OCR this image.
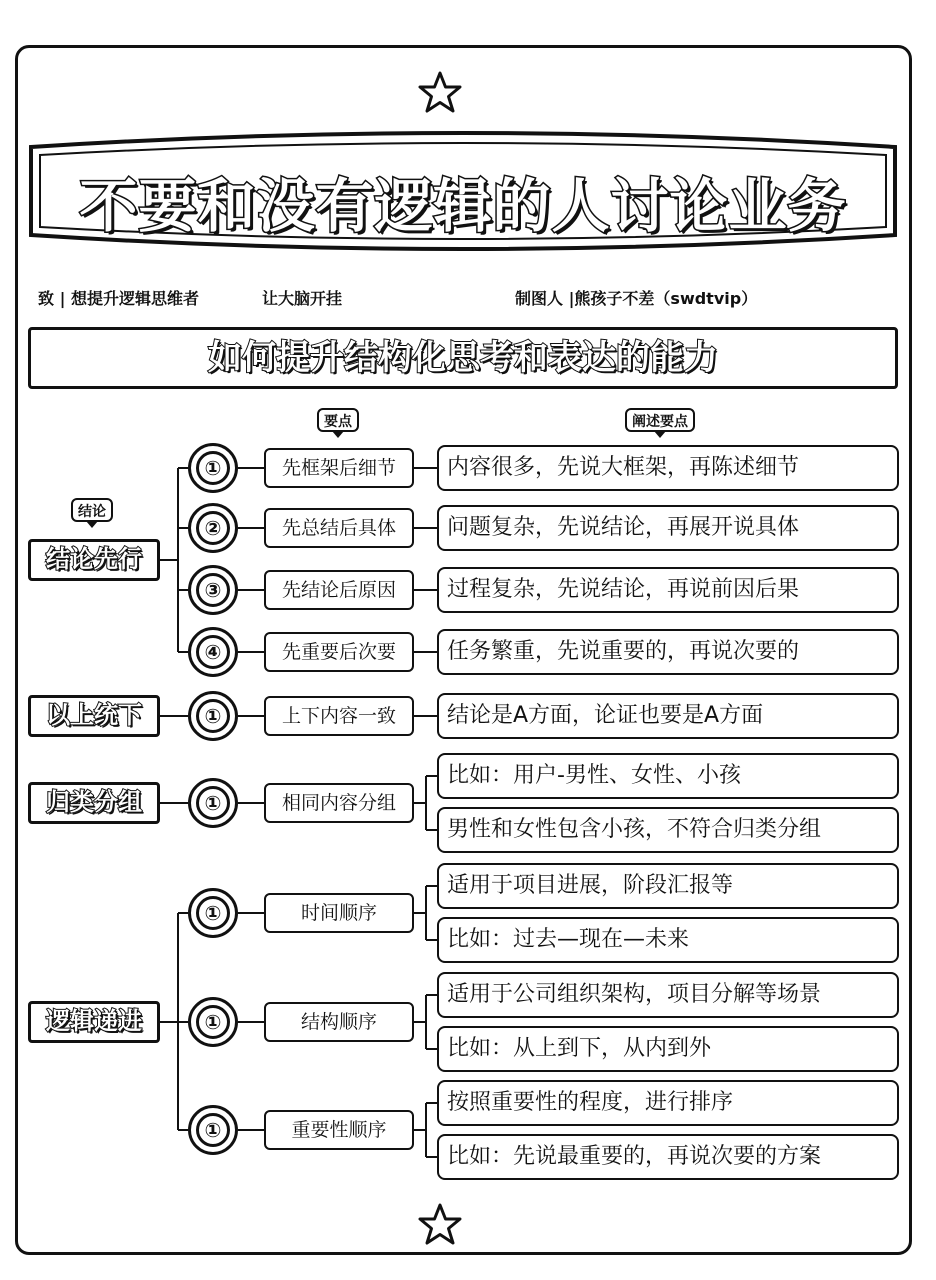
不要和没有逻辑的人讨论业务
致 | 想提升逻辑思维者	让大脑开挂	制图人 |熊孩子不差（swdtvip）
如何提升结构化思考和表达的能力
结论
要点	阐述要点
结论先行
①	先框架后细节	内容很多，先说大框架，再陈述细节
②	先总结后具体	问题复杂，先说结论，再展开说具体
③	先结论后原因	过程复杂，先说结论，再说前因后果
④	先重要后次要	任务繁重，先说重要的，再说次要的
以上统下	①	上下内容一致	结论是A方面，论证也要是A方面
归类分组	①	相同内容分组
比如：用户-男性、女性、小孩
男性和女性包含小孩，不符合归类分组
逻辑递进
①	时间顺序
适用于项目进展，阶段汇报等
比如：过去—现在—未来
①	结构顺序
适用于公司组织架构，项目分解等场景
比如：从上到下，从内到外
①	重要性顺序
按照重要性的程度，进行排序
比如：先说最重要的，再说次要的方案
